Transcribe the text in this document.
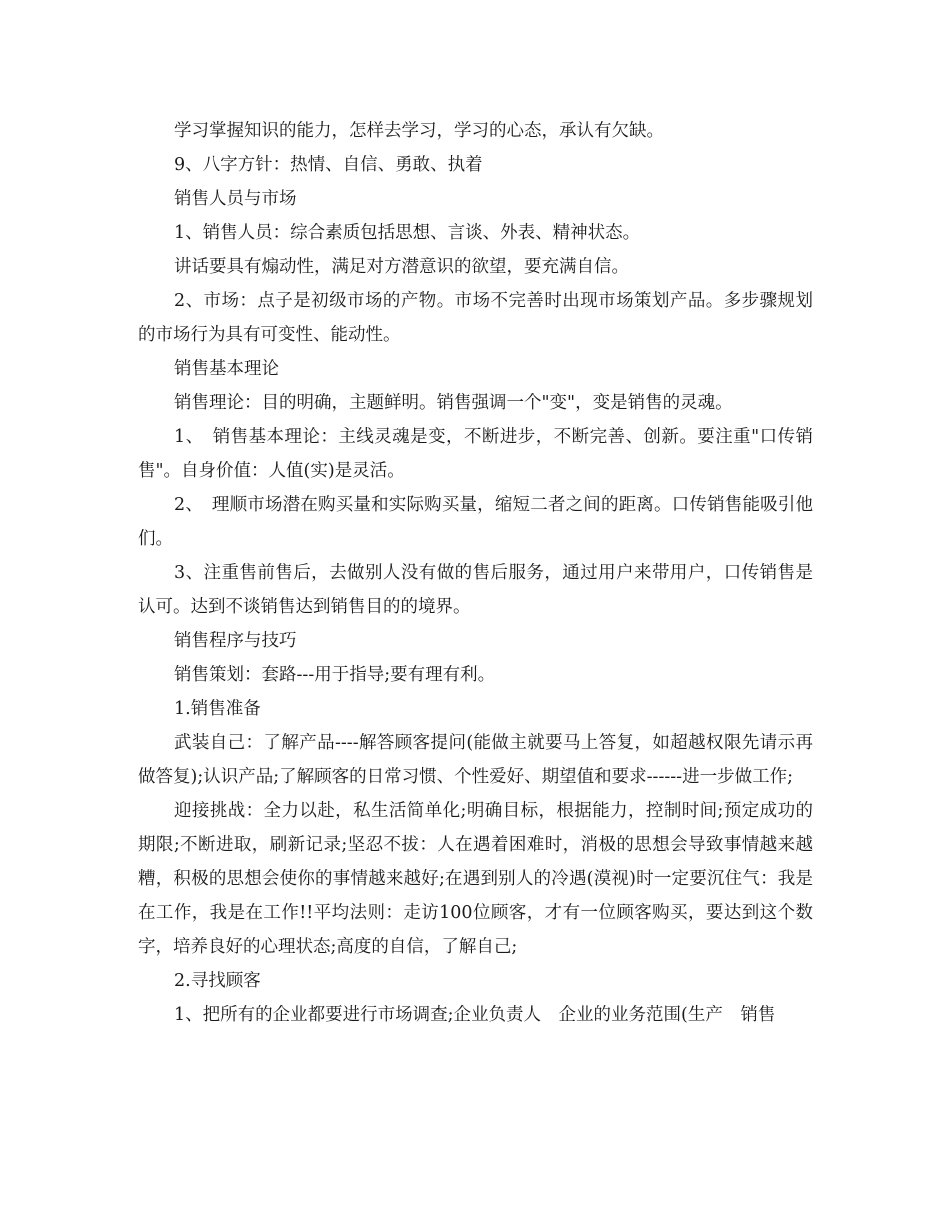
学习掌握知识的能力，怎样去学习，学习的心态，承认有欠缺。

9、八字方针：热情、自信、勇敢、执着

销售人员与市场

1、销售人员：综合素质包括思想、言谈、外表、精神状态。

讲话要具有煽动性，满足对方潜意识的欲望，要充满自信。

2、市场：点子是初级市场的产物。市场不完善时出现市场策划产品。多步骤规划的市场行为具有可变性、能动性。

销售基本理论

销售理论：目的明确，主题鲜明。销售强调一个"变"，变是销售的灵魂。

1、　销售基本理论：主线灵魂是变，不断进步，不断完善、创新。要注重"口传销售"。自身价值：人值(实)是灵活。

2、　理顺市场潜在购买量和实际购买量，缩短二者之间的距离。口传销售能吸引他们。

3、注重售前售后，去做别人没有做的售后服务，通过用户来带用户，口传销售是认可。达到不谈销售达到销售目的的境界。

销售程序与技巧

销售策划：套路---用于指导;要有理有利。

1.销售准备

武装自己：了解产品----解答顾客提问(能做主就要马上答复，如超越权限先请示再做答复);认识产品;了解顾客的日常习惯、个性爱好、期望值和要求------进一步做工作;

迎接挑战：全力以赴，私生活简单化;明确目标，根据能力，控制时间;预定成功的期限;不断进取，刷新记录;坚忍不拔：人在遇着困难时，消极的思想会导致事情越来越糟，积极的思想会使你的事情越来越好;在遇到别人的冷遇(漠视)时一定要沉住气：我是在工作，我是在工作!!平均法则：走访100位顾客，才有一位顾客购买，要达到这个数字，培养良好的心理状态;高度的自信，了解自己;

2.寻找顾客

1、把所有的企业都要进行市场调查;企业负责人　企业的业务范围(生产　销售
